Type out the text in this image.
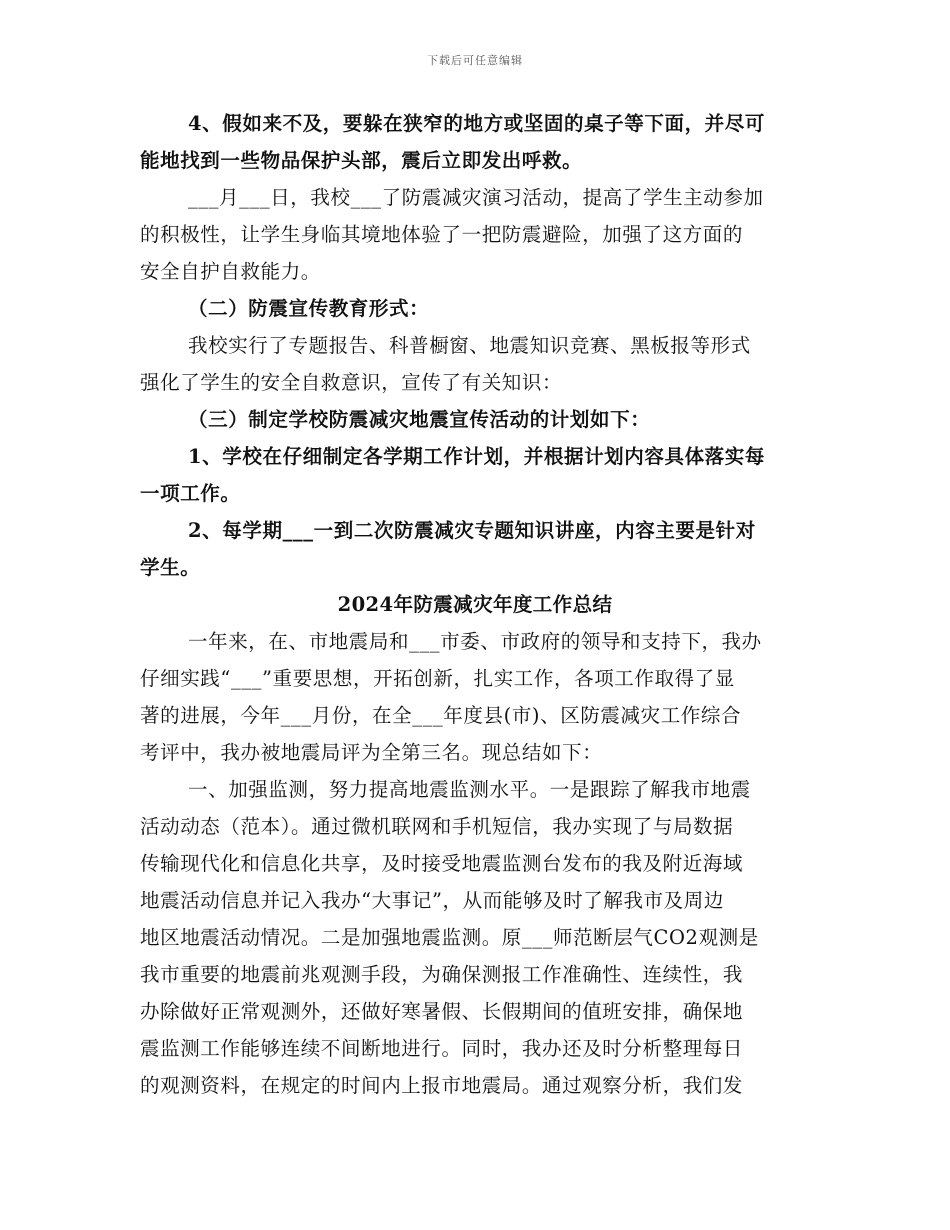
下载后可任意编辑
4、假如来不及，要躲在狭窄的地方或坚固的桌子等下面，并尽可
能地找到一些物品保护头部，震后立即发出呼救。
___月___日，我校___了防震减灾演习活动，提高了学生主动参加
的积极性，让学生身临其境地体验了一把防震避险，加强了这方面的
安全自护自救能力。
（二）防震宣传教育形式：
我校实行了专题报告、科普橱窗、地震知识竞赛、黑板报等形式
强化了学生的安全自救意识，宣传了有关知识：
（三）制定学校防震减灾地震宣传活动的计划如下：
1、学校在仔细制定各学期工作计划，并根据计划内容具体落实每
一项工作。
2、每学期___一到二次防震减灾专题知识讲座，内容主要是针对
学生。
2024年防震减灾年度工作总结
一年来，在、市地震局和___市委、市政府的领导和支持下，我办
仔细实践“___”重要思想，开拓创新，扎实工作，各项工作取得了显
著的进展，今年___月份，在全___年度县(市)、区防震减灾工作综合
考评中，我办被地震局评为全第三名。现总结如下：
一、加强监测，努力提高地震监测水平。一是跟踪了解我市地震
活动动态（范本）。通过微机联网和手机短信，我办实现了与局数据
传输现代化和信息化共享，及时接受地震监测台发布的我及附近海域
地震活动信息并记入我办“大事记”，从而能够及时了解我市及周边
地区地震活动情况。二是加强地震监测。原___师范断层气CO2观测是
我市重要的地震前兆观测手段，为确保测报工作准确性、连续性，我
办除做好正常观测外，还做好寒暑假、长假期间的值班安排，确保地
震监测工作能够连续不间断地进行。同时，我办还及时分析整理每日
的观测资料，在规定的时间内上报市地震局。通过观察分析，我们发
